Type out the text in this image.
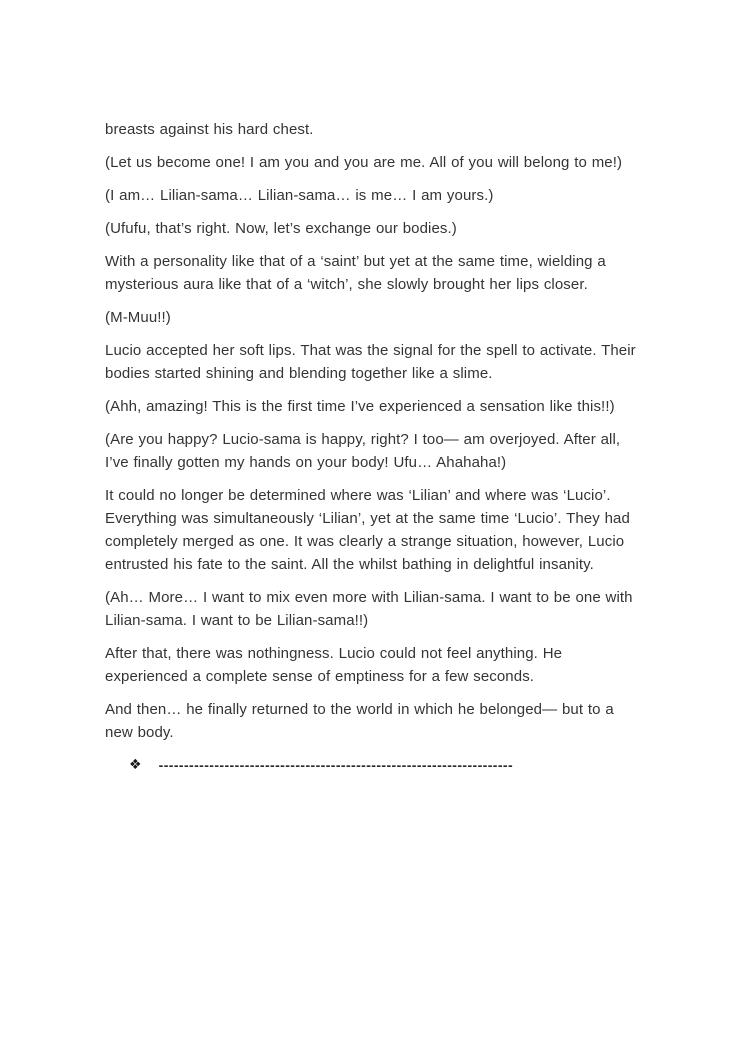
breasts against his hard chest.

(Let us become one! I am you and you are me. All of you will belong to me!)

(I am… Lilian-sama… Lilian-sama… is me… I am yours.)

(Ufufu, that’s right. Now, let’s exchange our bodies.)

With a personality like that of a ‘saint’ but yet at the same time, wielding a mysterious aura like that of a ‘witch’, she slowly brought her lips closer.

(M-Muu!!)

Lucio accepted her soft lips. That was the signal for the spell to activate. Their bodies started shining and blending together like a slime.

(Ahh, amazing! This is the first time I’ve experienced a sensation like this!!)

(Are you happy? Lucio-sama is happy, right? I too— am overjoyed. After all, I’ve finally gotten my hands on your body! Ufu… Ahahaha!)

It could no longer be determined where was ‘Lilian’ and where was ‘Lucio’. Everything was simultaneously ‘Lilian’, yet at the same time ‘Lucio’. They had completely merged as one. It was clearly a strange situation, however, Lucio entrusted his fate to the saint. All the whilst bathing in delightful insanity.

(Ah… More… I want to mix even more with Lilian-sama. I want to be one with Lilian-sama. I want to be Lilian-sama!!)

After that, there was nothingness. Lucio could not feel anything. He experienced a complete sense of emptiness for a few seconds.

And then… he finally returned to the world in which he belonged— but to a new body.

❖ ----------------------------------------------------------------------
